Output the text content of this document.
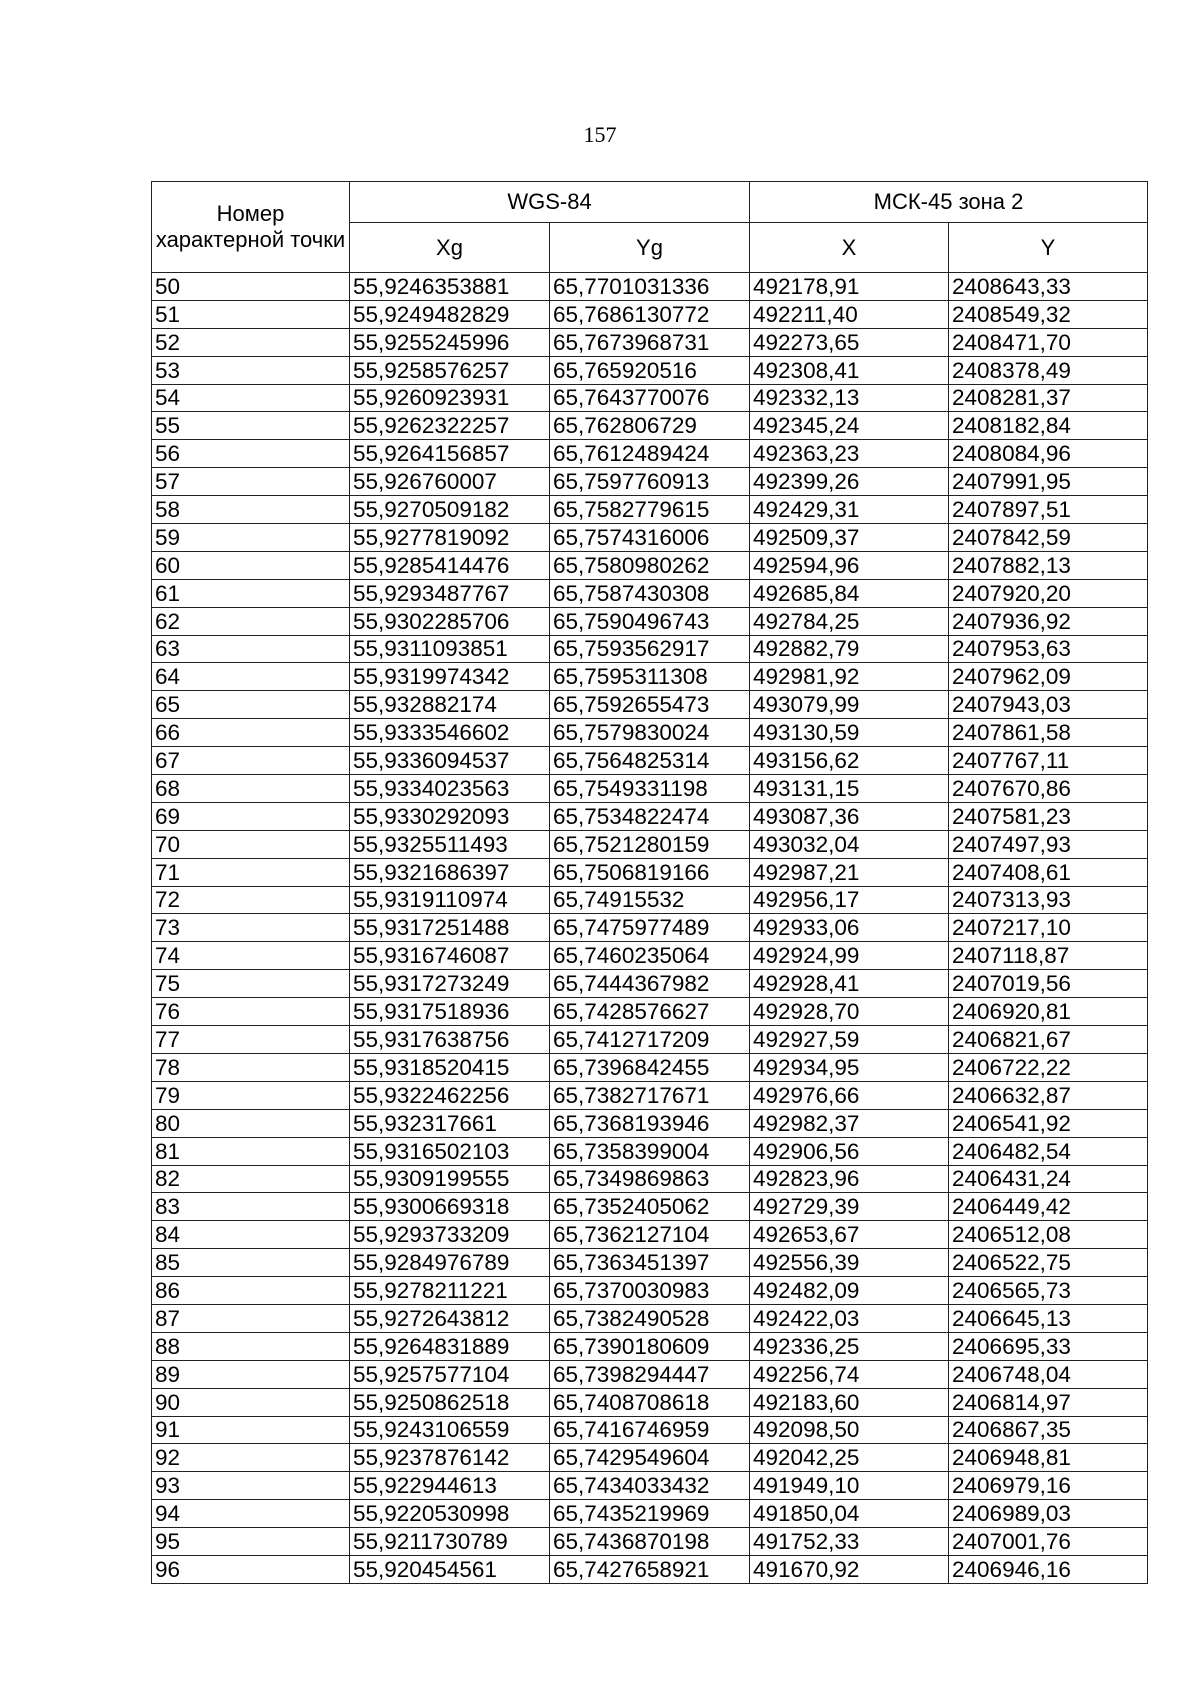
157
Номер характерной точки	WGS-84		МСК-45 зона 2	
	Xg	Yg	X	Y
50	55,9246353881	65,7701031336	492178,91	2408643,33
51	55,9249482829	65,7686130772	492211,40	2408549,32
52	55,9255245996	65,7673968731	492273,65	2408471,70
53	55,9258576257	65,765920516	492308,41	2408378,49
54	55,9260923931	65,7643770076	492332,13	2408281,37
55	55,9262322257	65,762806729	492345,24	2408182,84
56	55,9264156857	65,7612489424	492363,23	2408084,96
57	55,926760007	65,7597760913	492399,26	2407991,95
58	55,9270509182	65,7582779615	492429,31	2407897,51
59	55,9277819092	65,7574316006	492509,37	2407842,59
60	55,9285414476	65,7580980262	492594,96	2407882,13
61	55,9293487767	65,7587430308	492685,84	2407920,20
62	55,9302285706	65,7590496743	492784,25	2407936,92
63	55,9311093851	65,7593562917	492882,79	2407953,63
64	55,9319974342	65,7595311308	492981,92	2407962,09
65	55,932882174	65,7592655473	493079,99	2407943,03
66	55,9333546602	65,7579830024	493130,59	2407861,58
67	55,9336094537	65,7564825314	493156,62	2407767,11
68	55,9334023563	65,7549331198	493131,15	2407670,86
69	55,9330292093	65,7534822474	493087,36	2407581,23
70	55,9325511493	65,7521280159	493032,04	2407497,93
71	55,9321686397	65,7506819166	492987,21	2407408,61
72	55,9319110974	65,74915532	492956,17	2407313,93
73	55,9317251488	65,7475977489	492933,06	2407217,10
74	55,9316746087	65,7460235064	492924,99	2407118,87
75	55,9317273249	65,7444367982	492928,41	2407019,56
76	55,9317518936	65,7428576627	492928,70	2406920,81
77	55,9317638756	65,7412717209	492927,59	2406821,67
78	55,9318520415	65,7396842455	492934,95	2406722,22
79	55,9322462256	65,7382717671	492976,66	2406632,87
80	55,932317661	65,7368193946	492982,37	2406541,92
81	55,9316502103	65,7358399004	492906,56	2406482,54
82	55,9309199555	65,7349869863	492823,96	2406431,24
83	55,9300669318	65,7352405062	492729,39	2406449,42
84	55,9293733209	65,7362127104	492653,67	2406512,08
85	55,9284976789	65,7363451397	492556,39	2406522,75
86	55,9278211221	65,7370030983	492482,09	2406565,73
87	55,9272643812	65,7382490528	492422,03	2406645,13
88	55,9264831889	65,7390180609	492336,25	2406695,33
89	55,9257577104	65,7398294447	492256,74	2406748,04
90	55,9250862518	65,7408708618	492183,60	2406814,97
91	55,9243106559	65,7416746959	492098,50	2406867,35
92	55,9237876142	65,7429549604	492042,25	2406948,81
93	55,922944613	65,7434033432	491949,10	2406979,16
94	55,9220530998	65,7435219969	491850,04	2406989,03
95	55,9211730789	65,7436870198	491752,33	2407001,76
96	55,920454561	65,7427658921	491670,92	2406946,16
